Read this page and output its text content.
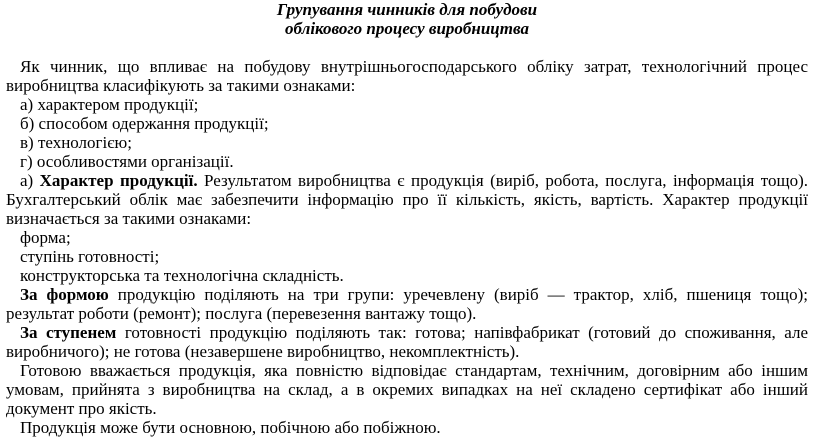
Групування чинників для побудови

облікового процесу виробництва

Як чинник, що впливає на побудову внутрішньогосподарського обліку затрат, технологічний процес виробництва класифікують за такими ознаками:

а) характером продукції;

б) способом одержання продукції;

в) технологією;

г) особливостями організації.

а) Характер продукції. Результатом виробництва є продукція (виріб, робота, послуга, інформація тощо). Бухгалтерський облік має забезпечити інформацію про її кількість, якість, вартість. Характер продукції визначається за такими ознаками:

форма;

ступінь готовності;

конструкторська та технологічна складність.

За формою продукцію поділяють на три групи: уречевлену (виріб — трактор, хліб, пшениця тощо); результат роботи (ремонт); послуга (перевезення вантажу тощо).

За ступенем готовності продукцію поділяють так: готова; напівфабрикат (готовий до споживання, але виробничого); не готова (незавершене виробництво, некомплектність).

Готовою вважається продукція, яка повністю відповідає стандартам, технічним, договірним або іншим умовам, прийнята з виробництва на склад, а в окремих випадках на неї складено сертифікат або інший документ про якість.

Продукція може бути основною, побічною або побіжною.
